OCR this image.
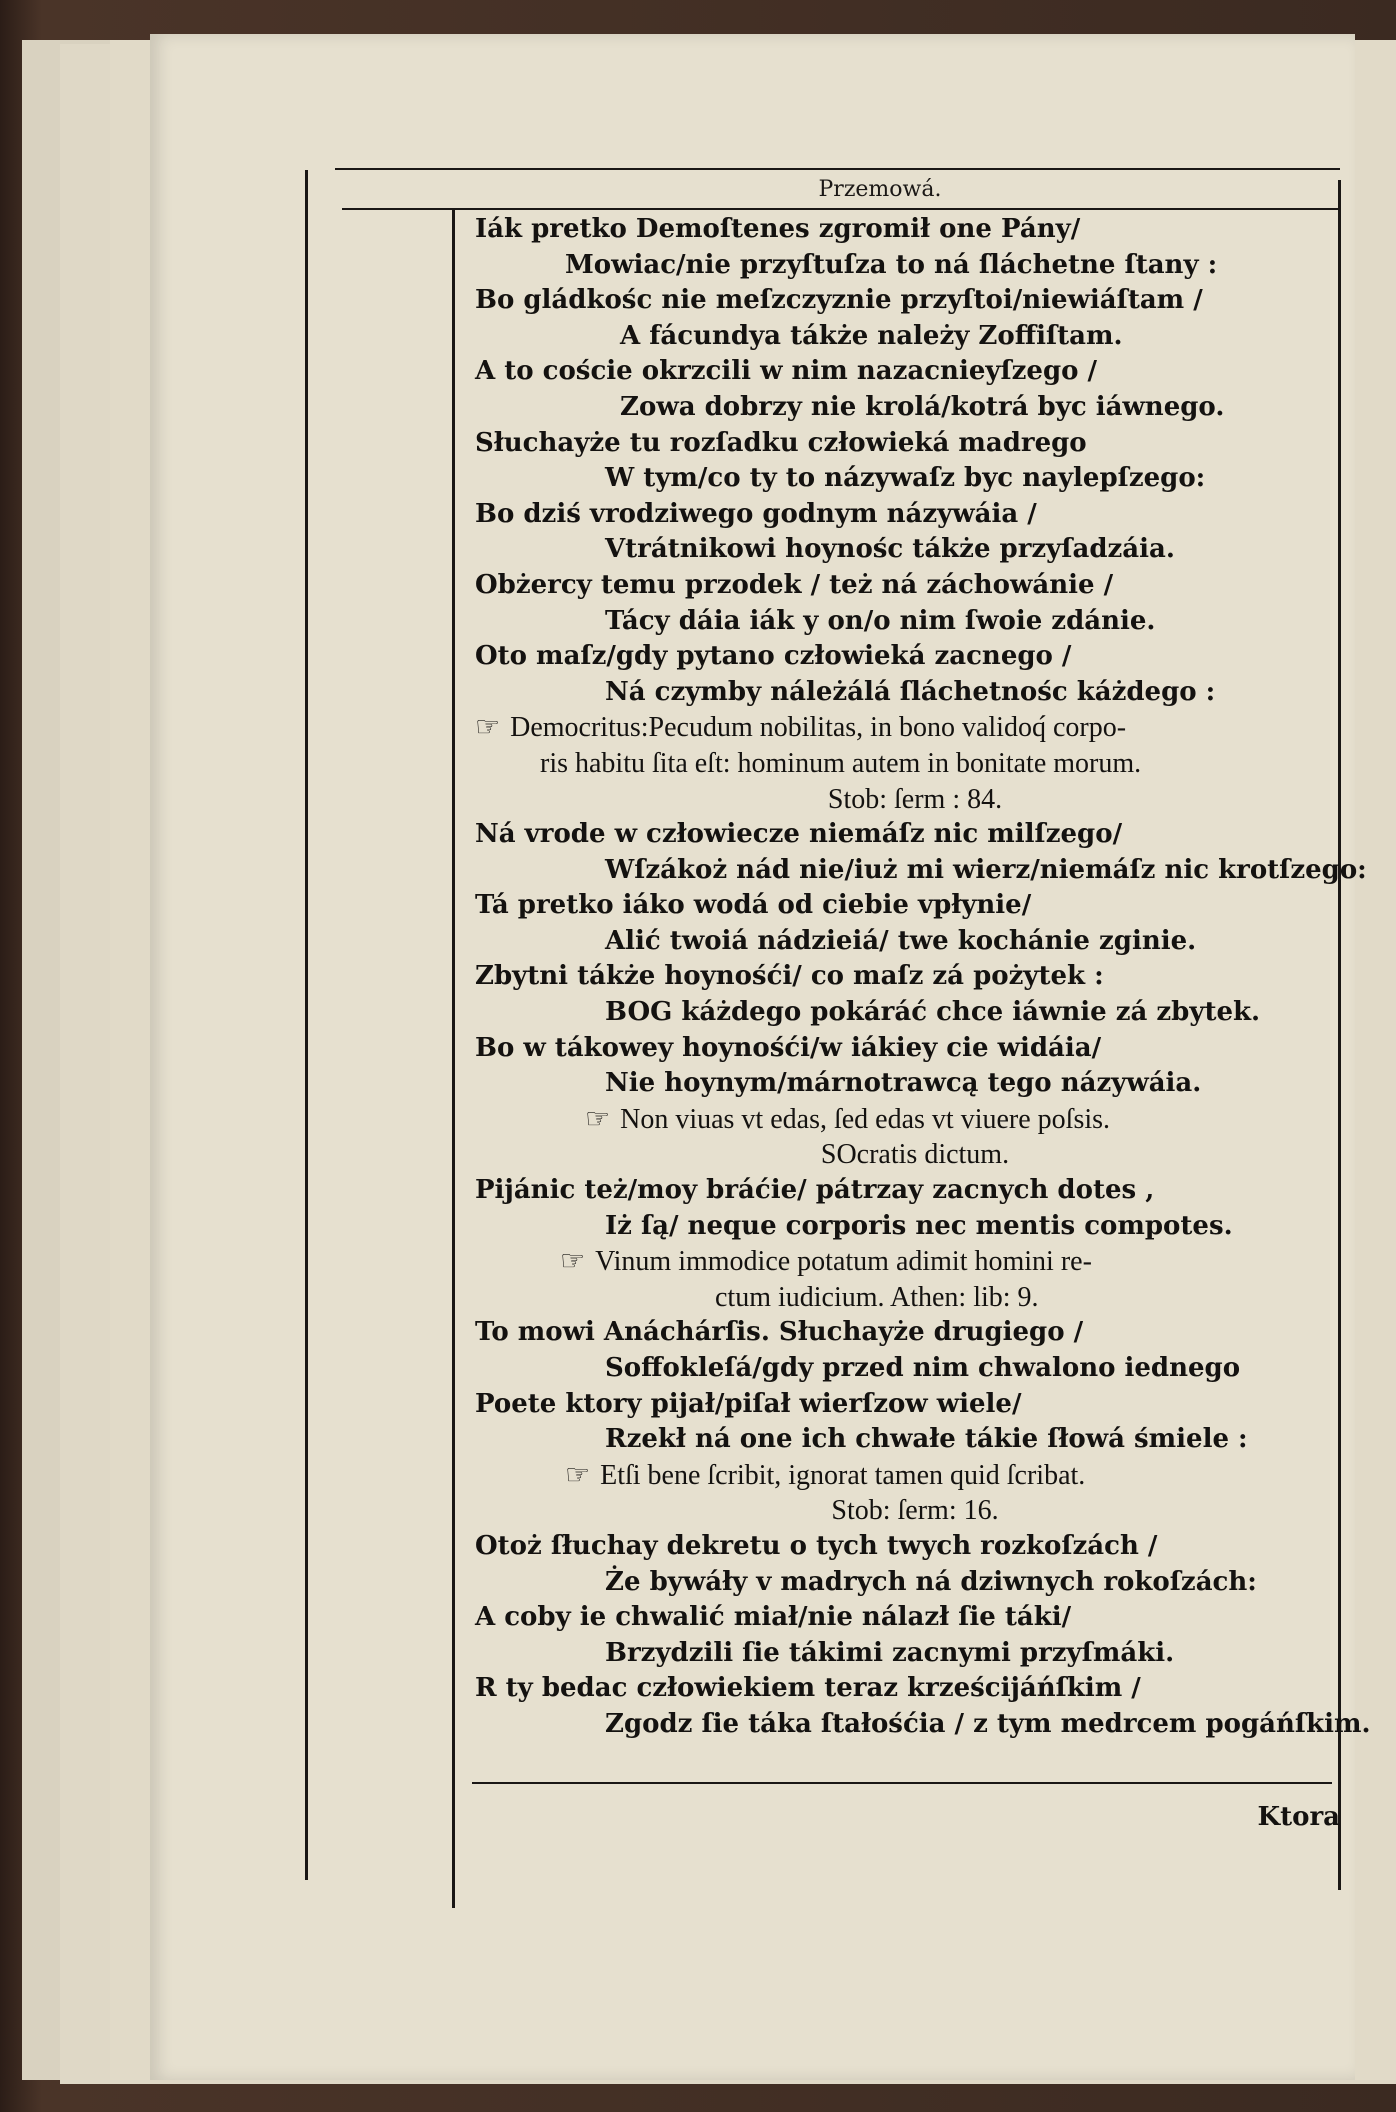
Przemowá.
Iák pretko Demoſtenes zgromił one Pány/
Mowiac/nie przyſtuſza to ná ſláchetne ſtany :
Bo gládkośc nie meſzczyznie przyſtoi/niewiáſtam /
A fácundya tákże należy Zoffiſtam.
A to coście okrzcili w nim nazacnieyſzego /
Zowa dobrzy nie krolá/kotrá byc iáwnego.
Słuchayże tu rozſadku człowieká madrego
W tym/co ty to názywaſz byc naylepſzego:
Bo dziś vrodziwego godnym názywáia /
Vtrátnikowi hoynośc tákże przyſadzáia.
Obżercy temu przodek / też ná záchowánie /
Tácy dáia iák y on/o nim ſwoie zdánie.
Oto maſz/gdy pytano człowieká zacnego /
Ná czymby náleżálá ſláchetnośc káżdego :
☞ Democritus:Pecudum nobilitas, in bono validoq́ corpo-
ris habitu ſita eſt: hominum autem in bonitate morum.
Stob: ſerm : 84.
Ná vrode w człowiecze niemáſz nic milſzego/
Wſzákoż nád nie/iuż mi wierz/niemáſz nic krotſzego:
Tá pretko iáko wodá od ciebie vpłynie/
Alić twoiá nádzieiá/ twe kochánie zginie.
Zbytni tákże hoynośći/ co maſz zá pożytek :
BOG káżdego pokáráć chce iáwnie zá zbytek.
Bo w tákowey hoynośći/w iákiey cie widáia/
Nie hoynym/márnotrawcą tego názywáia.
☞ Non viuas vt edas, ſed edas vt viuere poſsis.
SOcratis dictum.
Pijánic też/moy bráćie/ pátrzay zacnych dotes ,
Iż ſą/ neque corporis nec mentis compotes.
☞ Vinum immodice potatum adimit homini re-
ctum iudicium. Athen: lib: 9.
To mowi Anáchárſis. Słuchayże drugiego /
Soffokleſá/gdy przed nim chwalono iednego
Poete ktory pijał/piſał wierſzow wiele/
Rzekł ná one ich chwałe tákie ſłowá śmiele :
☞ Etſi bene ſcribit, ignorat tamen quid ſcribat.
Stob: ſerm: 16.
Otoż ſłuchay dekretu o tych twych rozkoſzách /
Że bywáły v madrych ná dziwnych rokoſzách:
A coby ie chwalić miał/nie nálazł ſie táki/
Brzydzili ſie tákimi zacnymi przyſmáki.
R ty bedac człowiekiem teraz krześcijáńſkim /
Zgodz ſie táka ſtałośćia / z tym medrcem pogáńſkim.
Ktora
